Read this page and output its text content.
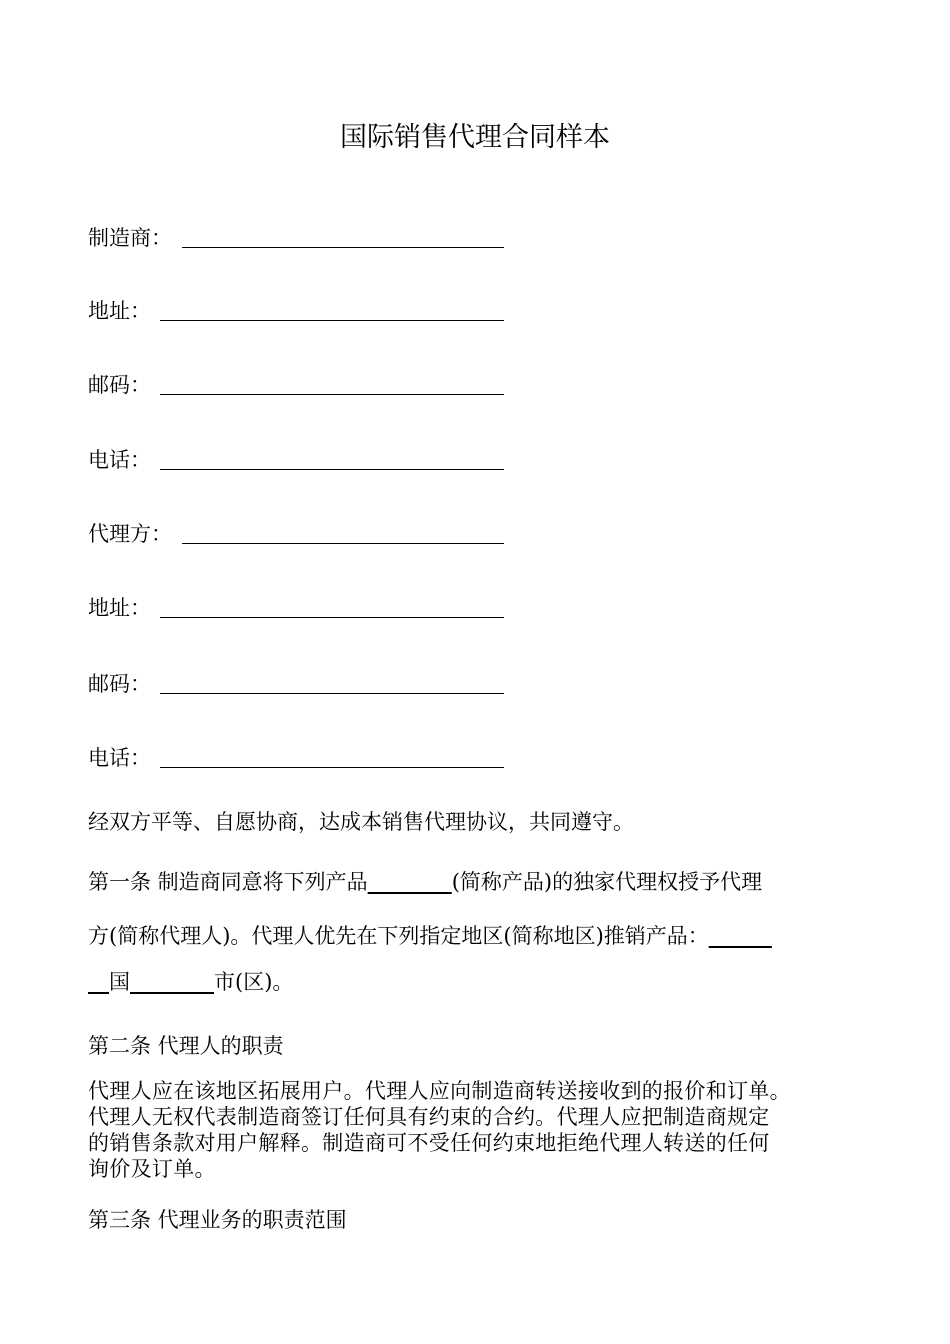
国际销售代理合同样本
制造商：
地址：
邮码：
电话：
代理方：
地址：
邮码：
电话：
经双方平等、自愿协商，达成本销售代理协议，共同遵守。
第一条 制造商同意将下列产品________(简称产品)的独家代理权授予代理
方(简称代理人)。代理人优先在下列指定地区(简称地区)推销产品：______
__国________市(区)。
第二条 代理人的职责
代理人应在该地区拓展用户。代理人应向制造商转送接收到的报价和订单。
代理人无权代表制造商签订任何具有约束的合约。代理人应把制造商规定
的销售条款对用户解释。制造商可不受任何约束地拒绝代理人转送的任何
询价及订单。
第三条 代理业务的职责范围
